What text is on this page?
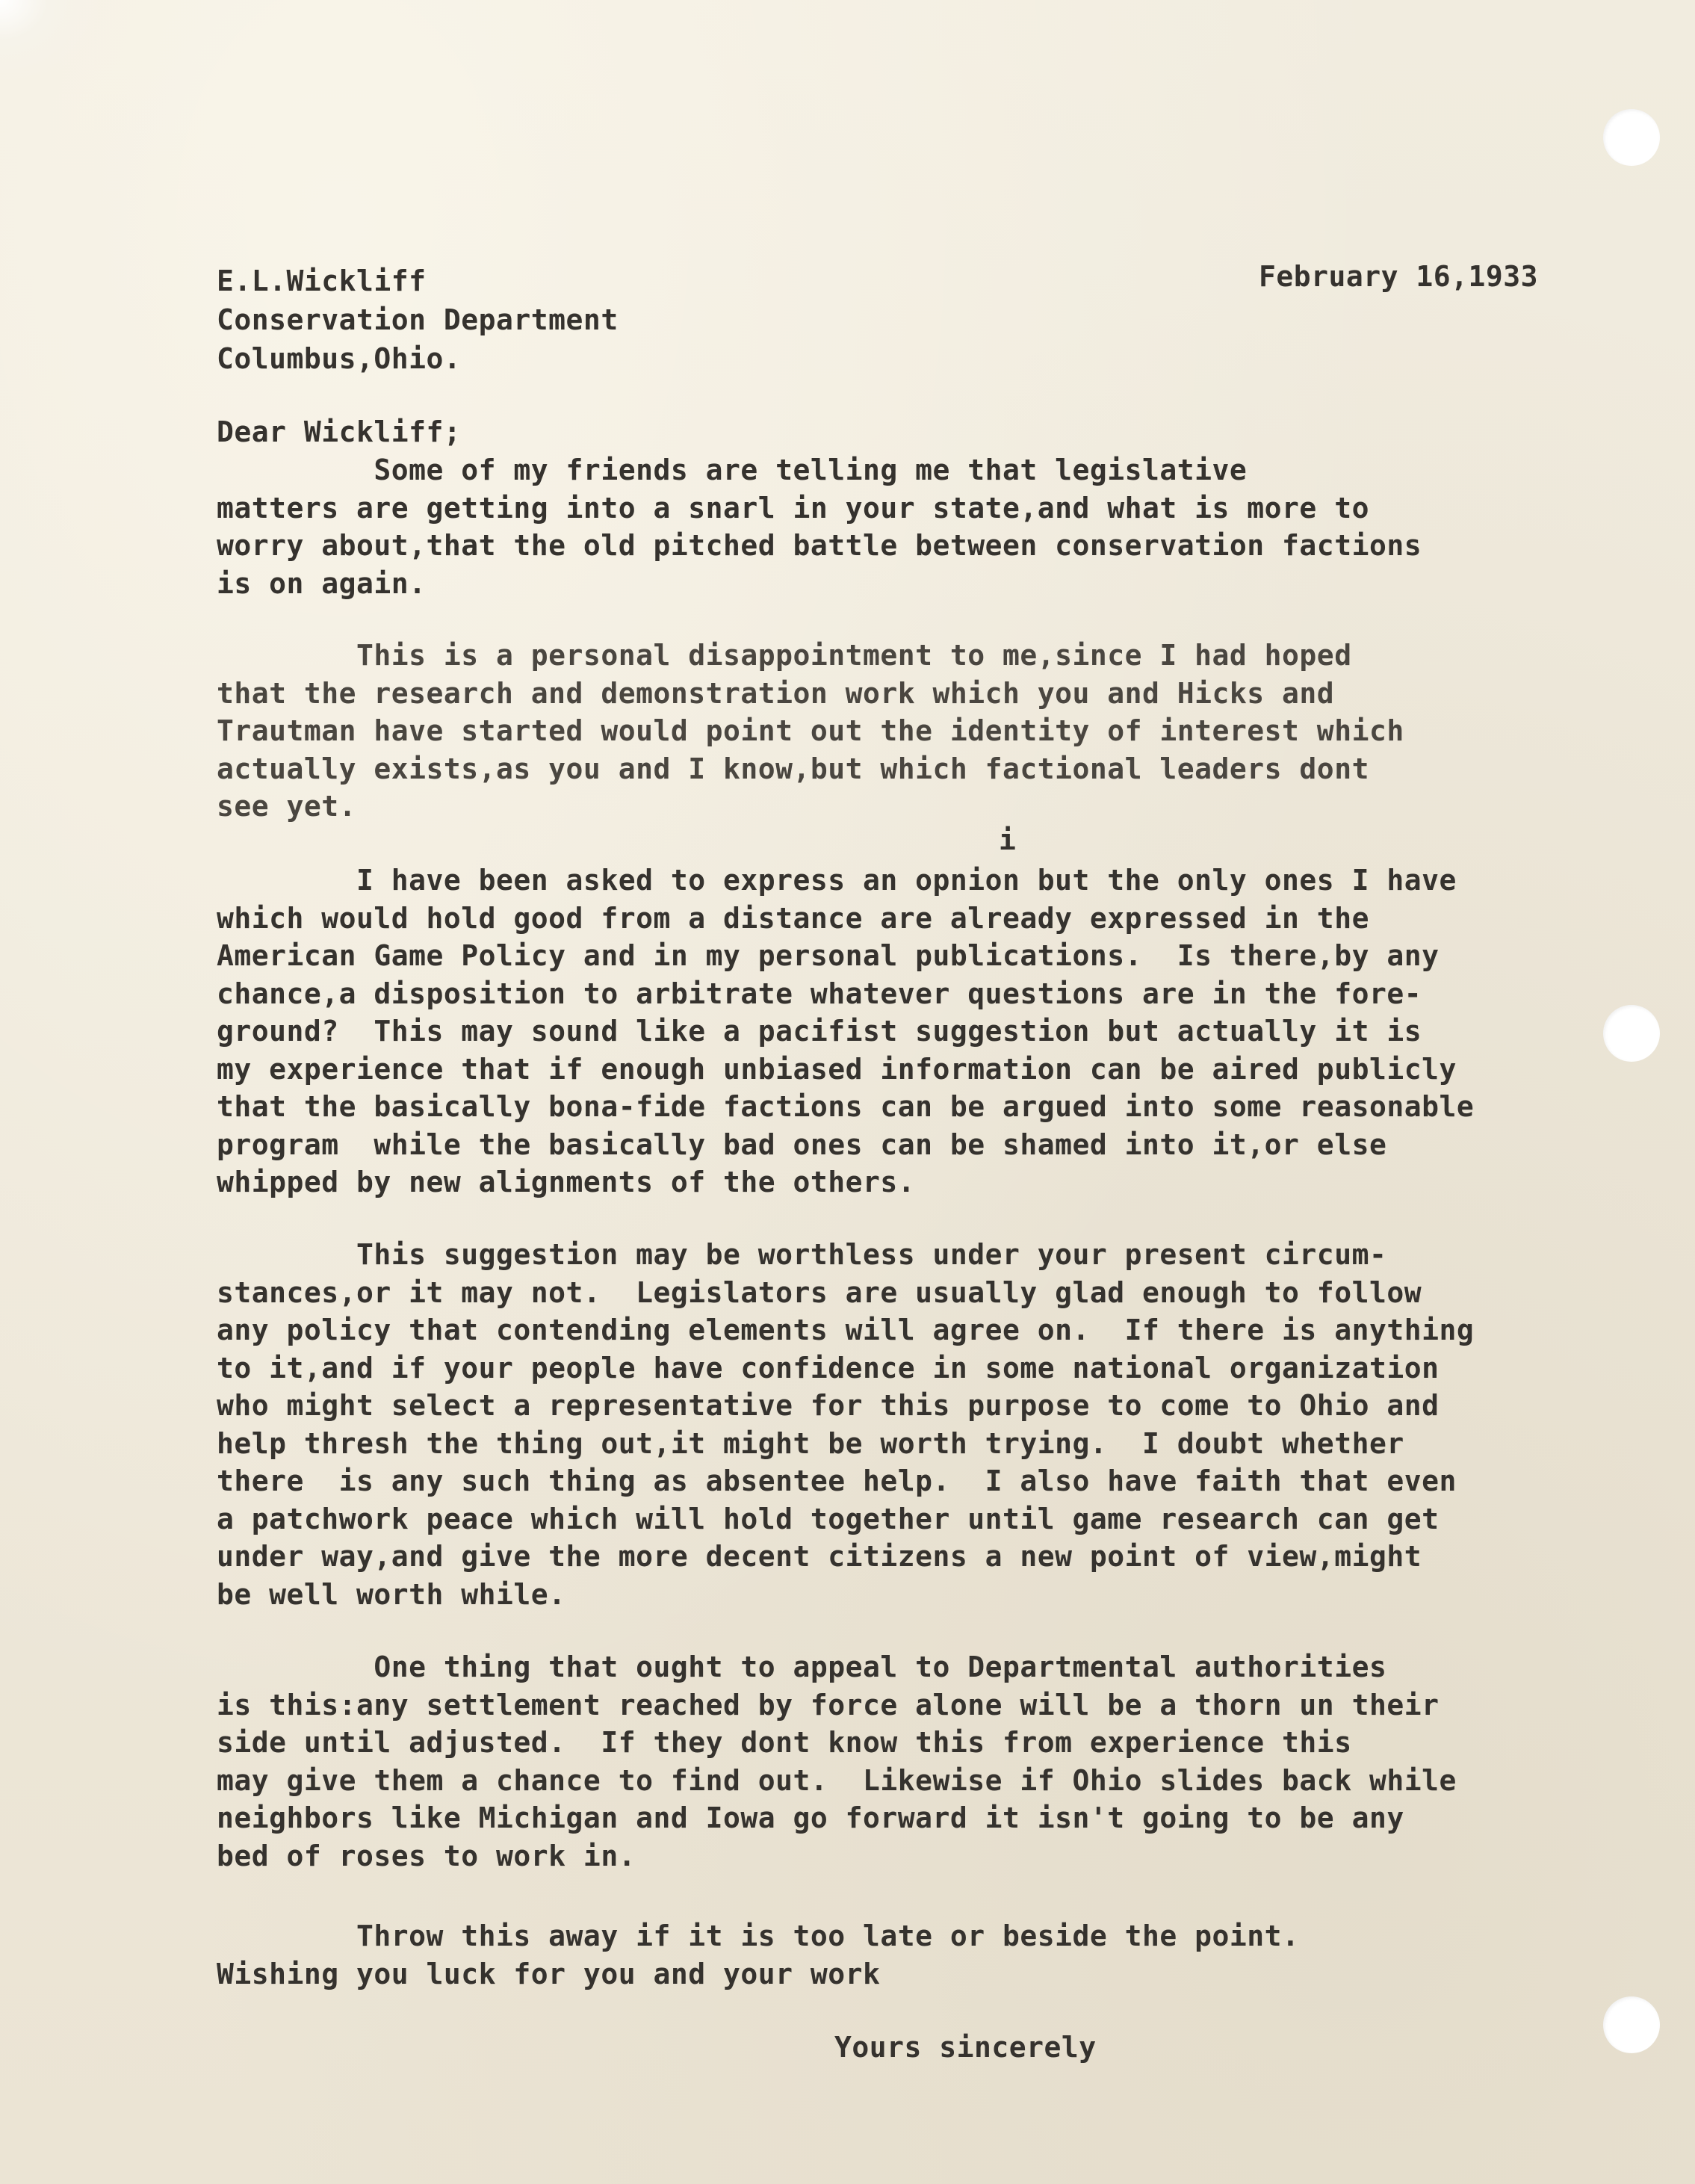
February 16,1933

E.L.Wickliff

Conservation Department

Columbus,Ohio.

Dear Wickliff;

Some of my friends are telling me that legislative
matters are getting into a snarl in your state,and what is more to
worry about,that the old pitched battle between conservation factions
is on again.
This is a personal disappointment to me,since I had hoped
that the research and demonstration work which you and Hicks and
Trautman have started would point out the identity of interest which
actually exists,as you and I know,but which factional leaders dont
see yet.

i

I have been asked to express an opnion but the only ones I have
which would hold good from a distance are already expressed in the
American Game Policy and in my personal publications.  Is there,by any
chance,a disposition to arbitrate whatever questions are in the fore-
ground?  This may sound like a pacifist suggestion but actually it is
my experience that if enough unbiased information can be aired publicly
that the basically bona-fide factions can be argued into some reasonable
program  while the basically bad ones can be shamed into it,or else
whipped by new alignments of the others.
This suggestion may be worthless under your present circum-
stances,or it may not.  Legislators are usually glad enough to follow
any policy that contending elements will agree on.  If there is anything
to it,and if your people have confidence in some national organization
who might select a representative for this purpose to come to Ohio and
help thresh the thing out,it might be worth trying.  I doubt whether
there  is any such thing as absentee help.  I also have faith that even
a patchwork peace which will hold together until game research can get
under way,and give the more decent citizens a new point of view,might
be well worth while.
One thing that ought to appeal to Departmental authorities
is this:any settlement reached by force alone will be a thorn un their
side until adjusted.  If they dont know this from experience this
may give them a chance to find out.  Likewise if Ohio slides back while
neighbors like Michigan and Iowa go forward it isn't going to be any
bed of roses to work in.
Throw this away if it is too late or beside the point.
Wishing you luck for you and your work

Yours sincerely
